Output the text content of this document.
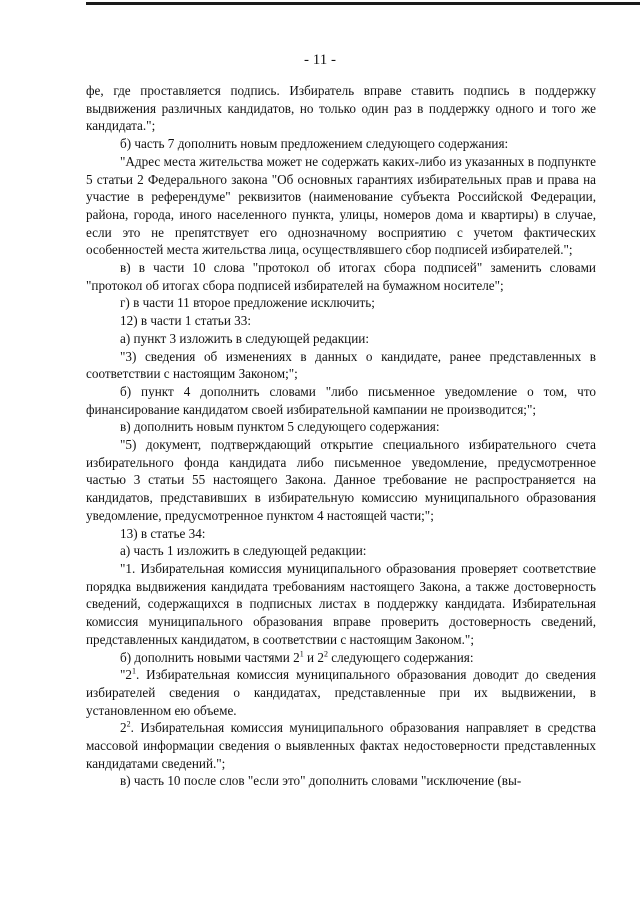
- 11 -

фе, где проставляется подпись. Избиратель вправе ставить подпись в поддержку выдвижения различных кандидатов, но только один раз в поддержку одного и того же кандидата.";

б) часть 7 дополнить новым предложением следующего содержания:

"Адрес места жительства может не содержать каких-либо из указанных в подпункте 5 статьи 2 Федерального закона "Об основных гарантиях избирательных прав и права на участие в референдуме" реквизитов (наименование субъекта Российской Федерации, района, города, иного населенного пункта, улицы, номеров дома и квартиры) в случае, если это не препятствует его однозначному восприятию с учетом фактических особенностей места жительства лица, осуществлявшего сбор подписей избирателей.";

в) в части 10 слова "протокол об итогах сбора подписей" заменить словами "протокол об итогах сбора подписей избирателей на бумажном носителе";

г) в части 11 второе предложение исключить;

12) в части 1 статьи 33:

а) пункт 3 изложить в следующей редакции:

"3) сведения об изменениях в данных о кандидате, ранее представленных в соответствии с настоящим Законом;";

б) пункт 4 дополнить словами "либо письменное уведомление о том, что финансирование кандидатом своей избирательной кампании не производится;";

в) дополнить новым пунктом 5 следующего содержания:

"5) документ, подтверждающий открытие специального избирательного счета избирательного фонда кандидата либо письменное уведомление, предусмотренное частью 3 статьи 55 настоящего Закона. Данное требование не распространяется на кандидатов, представивших в избирательную комиссию муниципального образования уведомление, предусмотренное пунктом 4 настоящей части;";

13) в статье 34:

а) часть 1 изложить в следующей редакции:

"1. Избирательная комиссия муниципального образования проверяет соответствие порядка выдвижения кандидата требованиям настоящего Закона, а также достоверность сведений, содержащихся в подписных листах в поддержку кандидата. Избирательная комиссия муниципального образования вправе проверить достоверность сведений, представленных кандидатом, в соответствии с настоящим Законом.";

б) дополнить новыми частями $2^1$ и $2^2$ следующего содержания:

"$2^1$. Избирательная комиссия муниципального образования доводит до сведения избирателей сведения о кандидатах, представленные при их выдвижении, в установленном ею объеме.

$2^2$. Избирательная комиссия муниципального образования направляет в средства массовой информации сведения о выявленных фактах недостоверности представленных кандидатами сведений.";

в) часть 10 после слов "если это" дополнить словами "исключение (вы-
